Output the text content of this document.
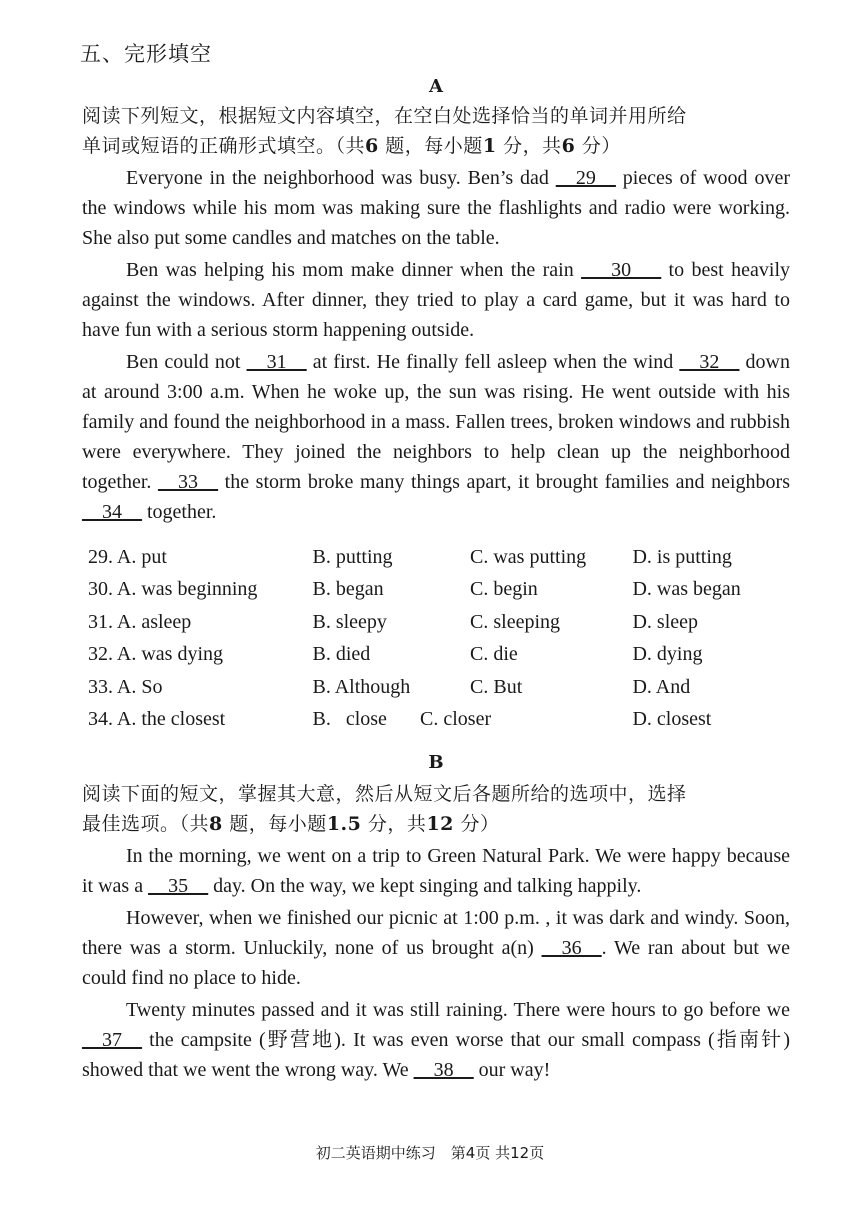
五、完形填空
A
阅读下列短文，根据短文内容填空，在空白处选择恰当的单词并用所给
单词或短语的正确形式填空。（共6 题，每小题1 分，共6 分）

Everyone in the neighborhood was busy. Ben’s dad __29__ pieces of wood over the windows while his mom was making sure the flashlights and radio were working. She also put some candles and matches on the table.

Ben was helping his mom make dinner when the rain ___30___ to best heavily against the windows. After dinner, they tried to play a card game, but it was hard to have fun with a serious storm happening outside.

Ben could not __31__ at first. He finally fell asleep when the wind __32__ down at around 3:00 a.m. When he woke up, the sun was rising. He went outside with his family and found the neighborhood in a mass. Fallen trees, broken windows and rubbish were everywhere. They joined the neighbors to help clean up the neighborhood together. __33__ the storm broke many things apart, it brought families and neighbors __34__ together.

29. A. put	B. putting	C. was putting	D. is putting
30. A. was beginning	B. began	C. begin	D. was began
31. A. asleep	B. sleepy	C. sleeping	D. sleep
32. A. was dying	B. died	C. die	D. dying
33. A. So	B. Although	C. But	D. And
34. A. the closest	B.   close	C. closer	D. closest
B
阅读下面的短文，掌握其大意，然后从短文后各题所给的选项中，选择
最佳选项。（共8 题，每小题1.5 分，共12 分）

In the morning, we went on a trip to Green Natural Park. We were happy because it was a __35__ day. On the way, we kept singing and talking happily.

However, when we finished our picnic at 1:00 p.m. , it was dark and windy. Soon, there was a storm. Unluckily, none of us brought a(n) __36__. We ran about but we could find no place to hide.

Twenty minutes passed and it was still raining. There were hours to go before we __37__ the campsite (野营地). It was even worse that our small compass (指南针) showed that we went the wrong way. We __38__ our way!

初二英语期中练习　第4页 共12页
